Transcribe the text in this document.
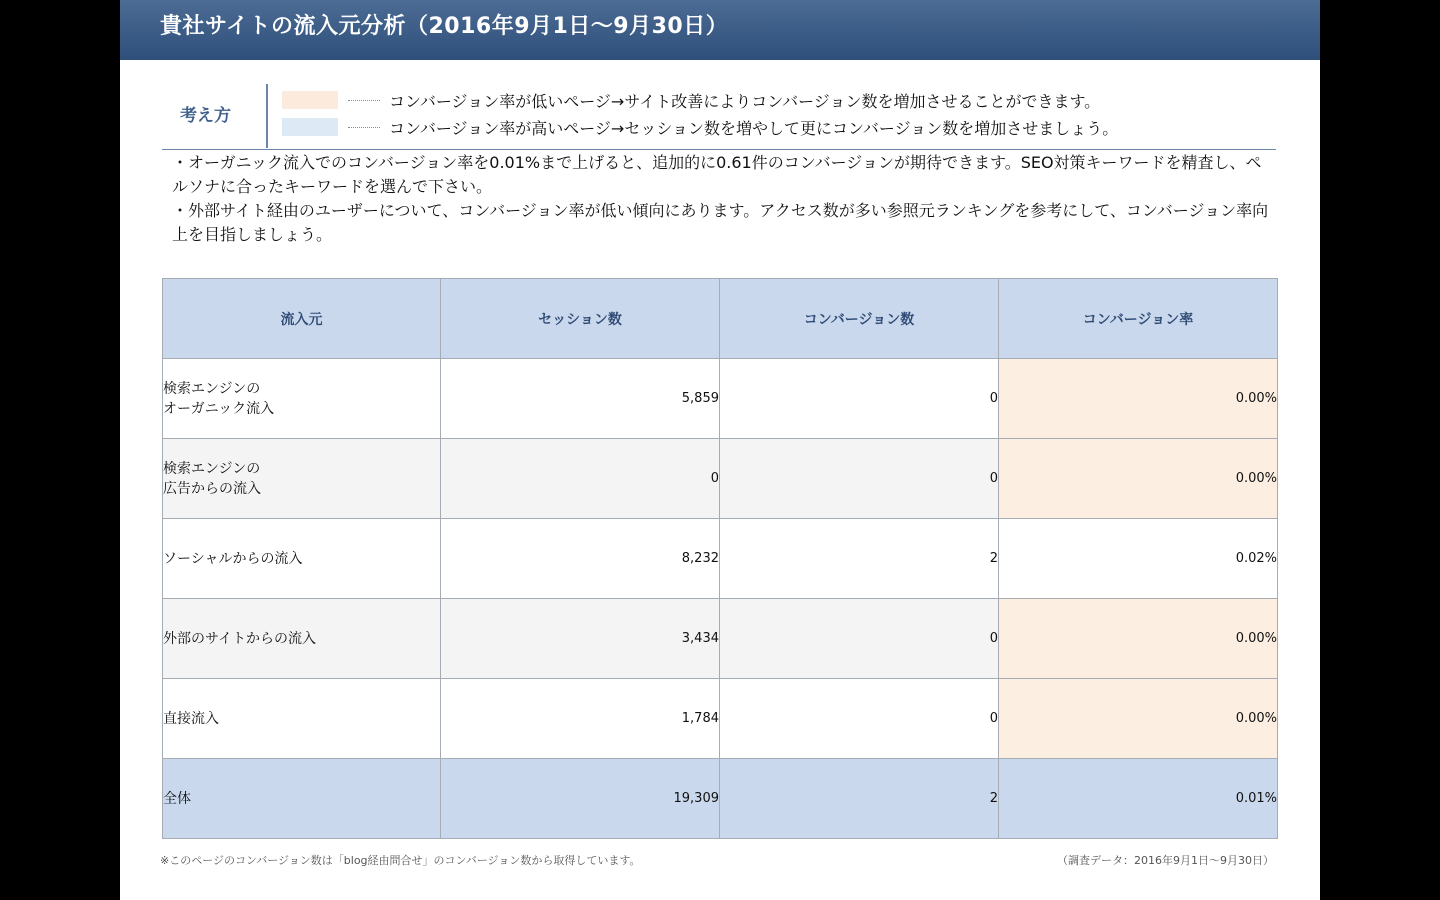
貴社サイトの流入元分析（2016年9月1日～9月30日）
考え方
コンバージョン率が低いページ→サイト改善によりコンバージョン数を増加させることができます。
コンバージョン率が高いページ→セッション数を増やして更にコンバージョン数を増加させましょう。

・オーガニック流入でのコンバージョン率を0.01%まで上げると、追加的に0.61件のコンバージョンが期待できます。SEO対策キーワードを精査し、ペルソナに合ったキーワードを選んで下さい。

・外部サイト経由のユーザーについて、コンバージョン率が低い傾向にあります。アクセス数が多い参照元ランキングを参考にして、コンバージョン率向上を目指しましょう。

流入元	セッション数	コンバージョン数	コンバージョン率
検索エンジンの
オーガニック流入	5,859	0	0.00%
検索エンジンの
広告からの流入	0	0	0.00%
ソーシャルからの流入	8,232	2	0.02%
外部のサイトからの流入	3,434	0	0.00%
直接流入	1,784	0	0.00%
全体	19,309	2	0.01%
※このページのコンバージョン数は「blog経由問合せ」のコンバージョン数から取得しています。	（調査データ：2016年9月1日～9月30日）
